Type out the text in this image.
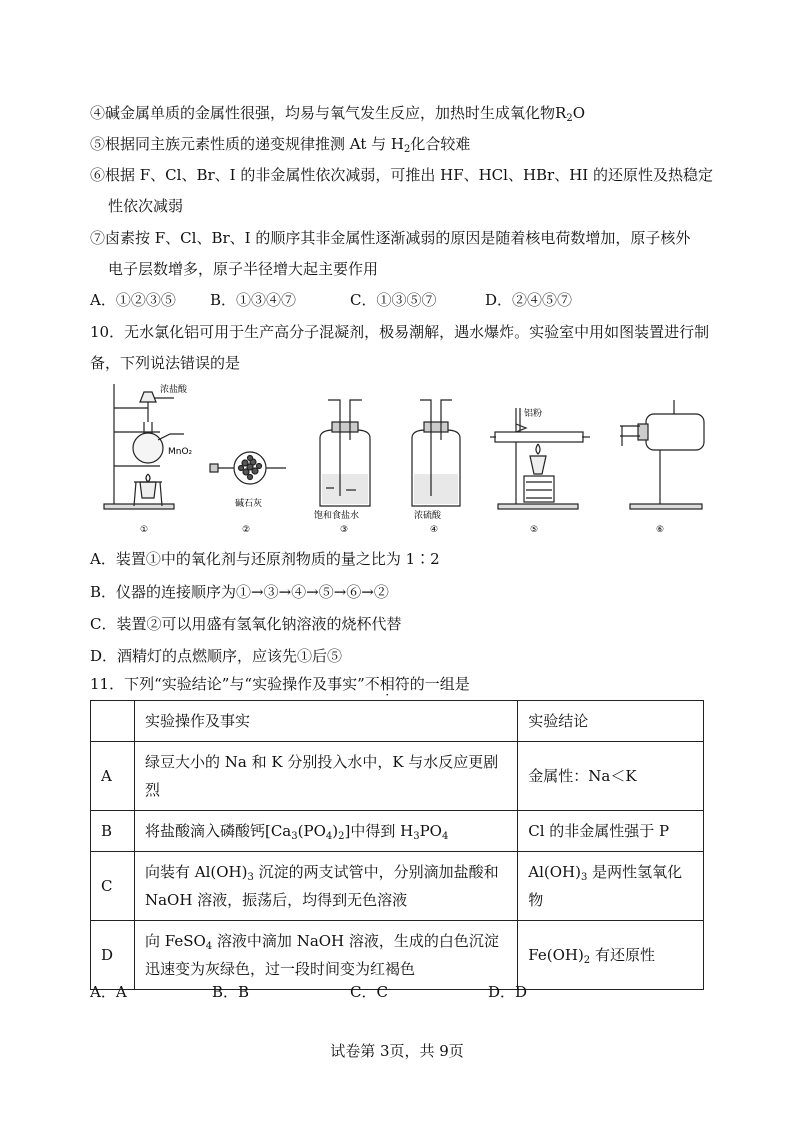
④碱金属单质的金属性很强，均易与氧气发生反应，加热时生成氧化物$R_2O$
⑤根据同主族元素性质的递变规律推测 At 与 $H_2$化合较难
⑥根据 F、Cl、Br、I 的非金属性依次减弱，可推出 HF、HCl、HBr、HI 的还原性及热稳定
性依次减弱
⑦卤素按 F、Cl、Br、I 的顺序其非金属性逐渐减弱的原因是随着核电荷数增加，原子核外
电子层数增多，原子半径增大起主要作用
A．①②③⑤ B．①③④⑦	C．①③⑤⑦	D．②④⑤⑦
10．无水氯化铝可用于生产高分子混凝剂，极易潮解，遇水爆炸。实验室中用如图装置进行制
备，下列说法错误的是
浓盐酸
MnO₂
碱石灰
饱和食盐水	浓硫酸
铝粉
①	②	③	④	⑤	⑥
A．装置①中的氧化剂与还原剂物质的量之比为 1∶2
B．仪器的连接顺序为①→③→④→⑤→⑥→②
C．装置②可以用盛有氢氧化钠溶液的烧杯代替
D．酒精灯的点燃顺序，应该先①后⑤
11．下列“实验结论”与“实验操作及事实”不相符的一组是
	实验操作及事实	实验结论
A	绿豆大小的 Na 和 K 分别投入水中，K 与水反应更剧烈	金属性：Na＜K
B	将盐酸滴入磷酸钙$[Ca_3(PO_4)_2]$中得到 $H_3PO_4$	Cl 的非金属性强于 P
C	向装有 $Al(OH)_3$ 沉淀的两支试管中，分别滴加盐酸和 NaOH 溶液，振荡后，均得到无色溶液	$Al(OH)_3$ 是两性氢氧化物
D	向 FeSO$_4$ 溶液中滴加 NaOH 溶液，生成的白色沉淀迅速变为灰绿色，过一段时间变为红褐色	$Fe(OH)_2$ 有还原性
A．A	B．B	C．C	D．D
试卷第 3页，共 9页
